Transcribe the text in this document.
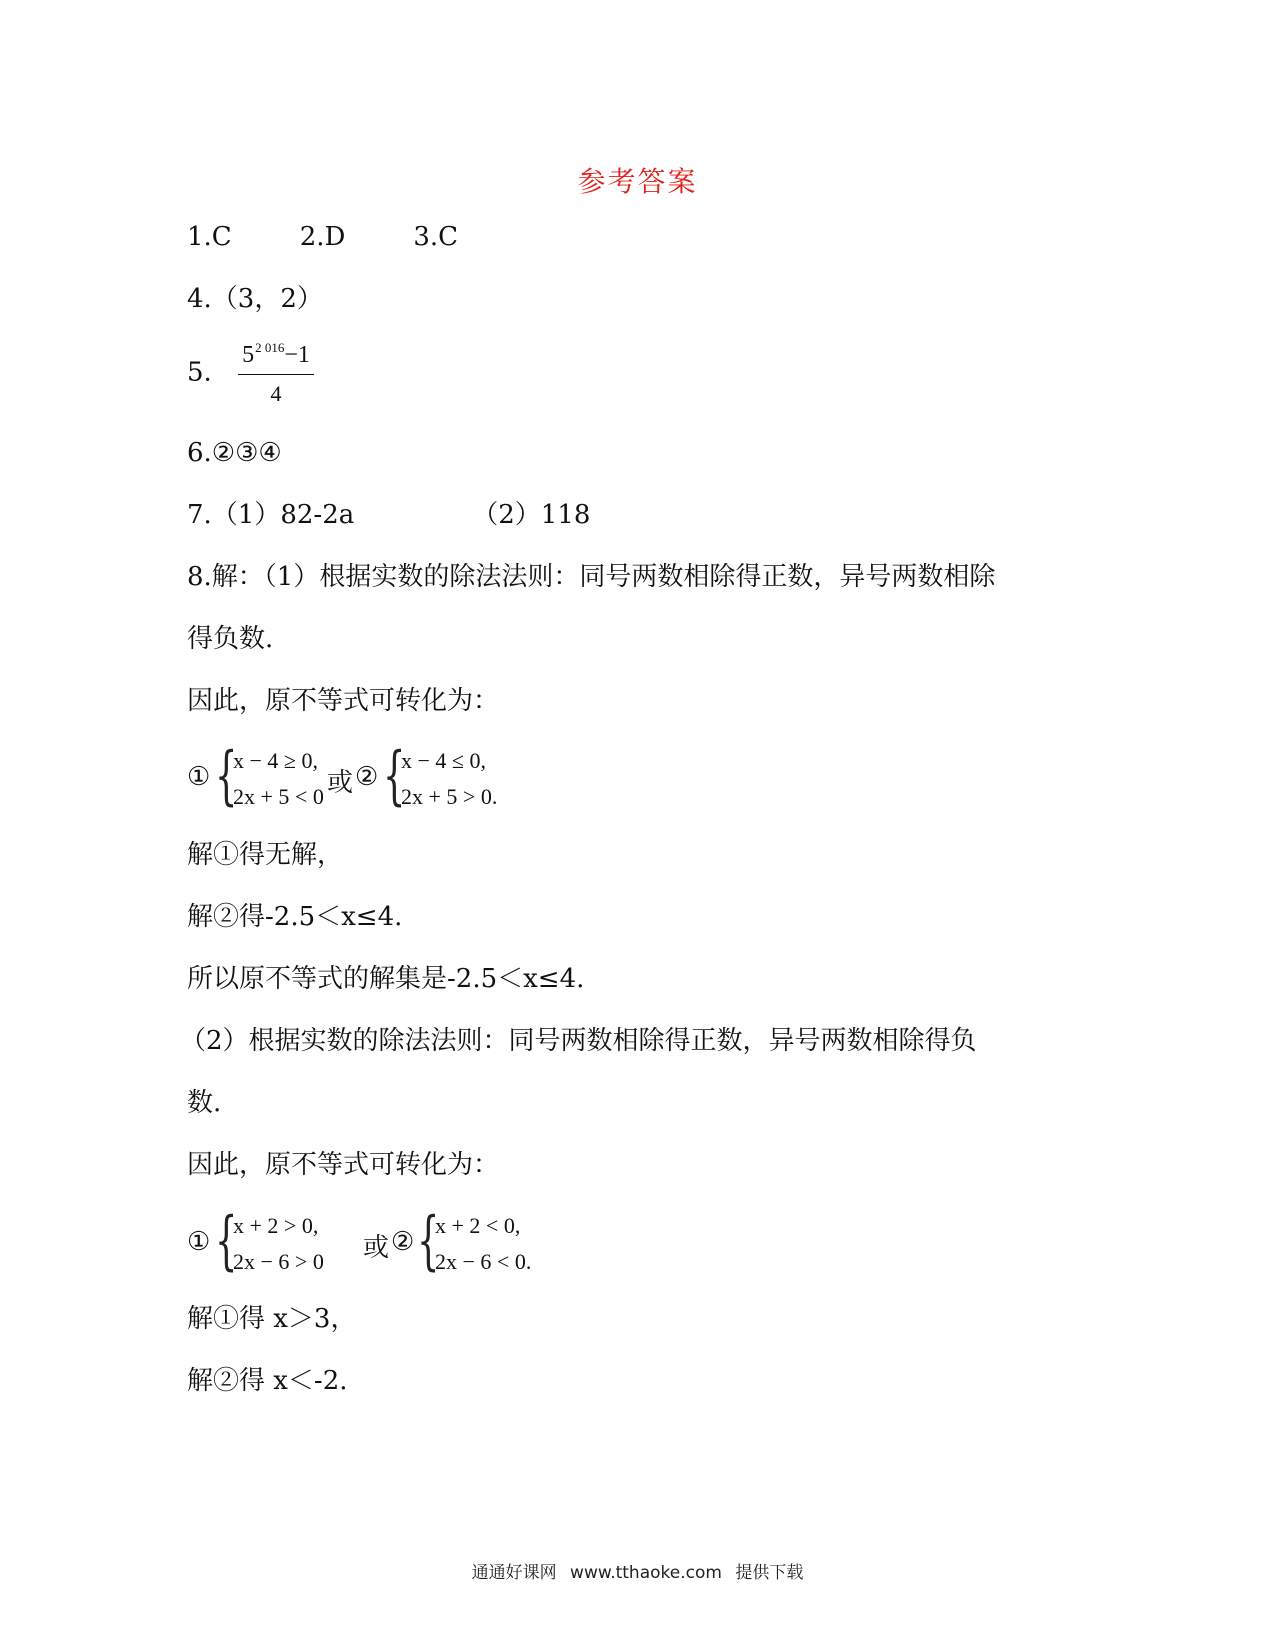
参考答案
1.C	2.D	3.C
4.（3，2）
5. $\frac{5^{2 016}-1}{4}$
6.②③④
7.（1）82-2a	（2）118
8.解：（1）根据实数的除法法则：同号两数相除得正数，异号两数相除
得负数.
因此，原不等式可转化为：
① {
x − 4 ≥ 0,
2x + 5 < 0 或 ② {
x − 4 ≤ 0,
2x + 5 > 0.
解①得无解，
解②得-2.5＜x≤4.
所以原不等式的解集是-2.5＜x≤4.
（2）根据实数的除法法则：同号两数相除得正数，异号两数相除得负
数.
因此，原不等式可转化为：
① {
x + 2 > 0,
2x − 6 > 0 或 ② {
x + 2 < 0,
2x − 6 < 0.
解①得 x＞3，
解②得 x＜-2.
通通好课网 www.tthaoke.com 提供下载
